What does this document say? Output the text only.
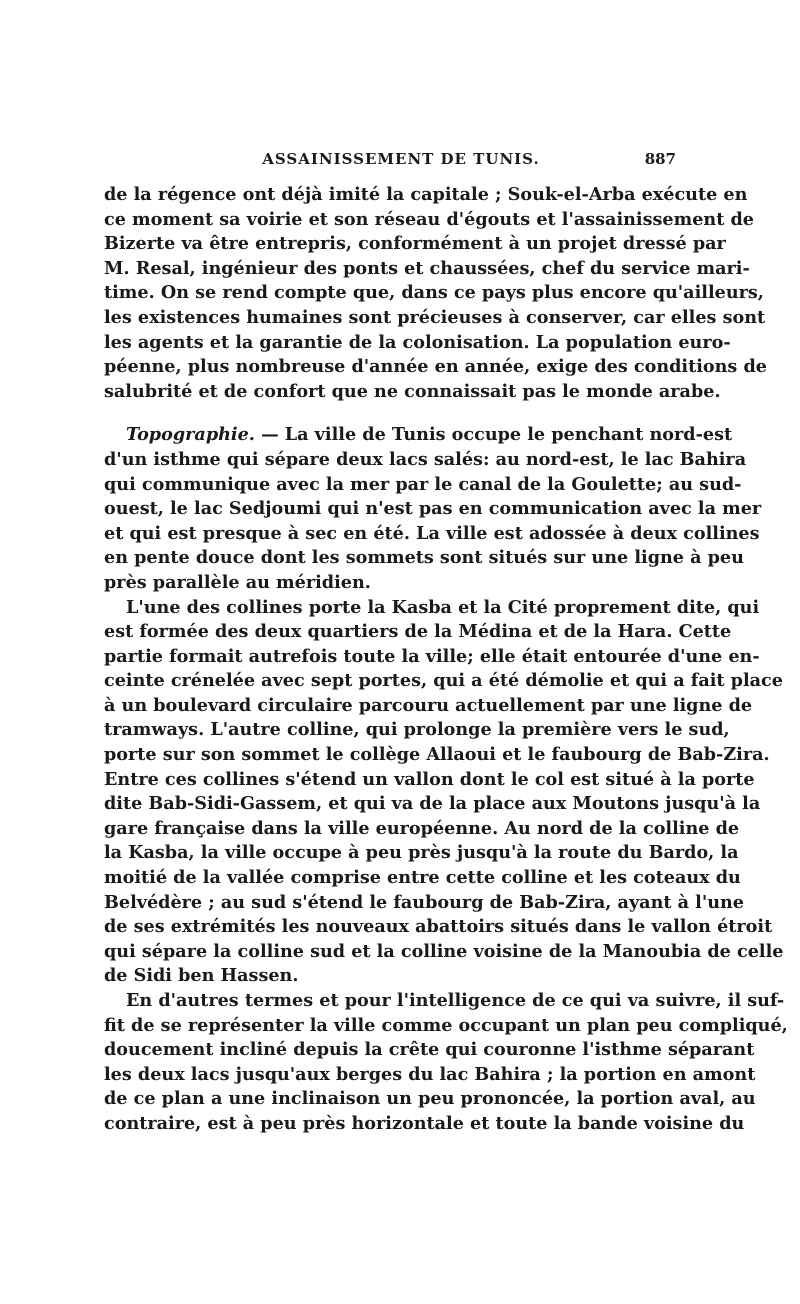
ASSAINISSEMENT DE TUNIS.	887
de la régence ont déjà imité la capitale ; Souk-el-Arba exécute en
ce moment sa voirie et son réseau d'égouts et l'assainissement de
Bizerte va être entrepris, conformément à un projet dressé par
M. Resal, ingénieur des ponts et chaussées, chef du service mari-
time. On se rend compte que, dans ce pays plus encore qu'ailleurs,
les existences humaines sont précieuses à conserver, car elles sont
les agents et la garantie de la colonisation. La population euro-
péenne, plus nombreuse d'année en année, exige des conditions de
salubrité et de confort que ne connaissait pas le monde arabe.
Topographie. — La ville de Tunis occupe le penchant nord-est
d'un isthme qui sépare deux lacs salés: au nord-est, le lac Bahira
qui communique avec la mer par le canal de la Goulette; au sud-
ouest, le lac Sedjoumi qui n'est pas en communication avec la mer
et qui est presque à sec en été. La ville est adossée à deux collines
en pente douce dont les sommets sont situés sur une ligne à peu
près parallèle au méridien.
L'une des collines porte la Kasba et la Cité proprement dite, qui
est formée des deux quartiers de la Médina et de la Hara. Cette
partie formait autrefois toute la ville; elle était entourée d'une en-
ceinte crénelée avec sept portes, qui a été démolie et qui a fait place
à un boulevard circulaire parcouru actuellement par une ligne de
tramways. L'autre colline, qui prolonge la première vers le sud,
porte sur son sommet le collège Allaoui et le faubourg de Bab-Zira.
Entre ces collines s'étend un vallon dont le col est situé à la porte
dite Bab-Sidi-Gassem, et qui va de la place aux Moutons jusqu'à la
gare française dans la ville européenne. Au nord de la colline de
la Kasba, la ville occupe à peu près jusqu'à la route du Bardo, la
moitié de la vallée comprise entre cette colline et les coteaux du
Belvédère ; au sud s'étend le faubourg de Bab-Zira, ayant à l'une
de ses extrémités les nouveaux abattoirs situés dans le vallon étroit
qui sépare la colline sud et la colline voisine de la Manoubia de celle
de Sidi ben Hassen.
En d'autres termes et pour l'intelligence de ce qui va suivre, il suf-
fit de se représenter la ville comme occupant un plan peu compliqué,
doucement incliné depuis la crête qui couronne l'isthme séparant
les deux lacs jusqu'aux berges du lac Bahira ; la portion en amont
de ce plan a une inclinaison un peu prononcée, la portion aval, au
contraire, est à peu près horizontale et toute la bande voisine du
